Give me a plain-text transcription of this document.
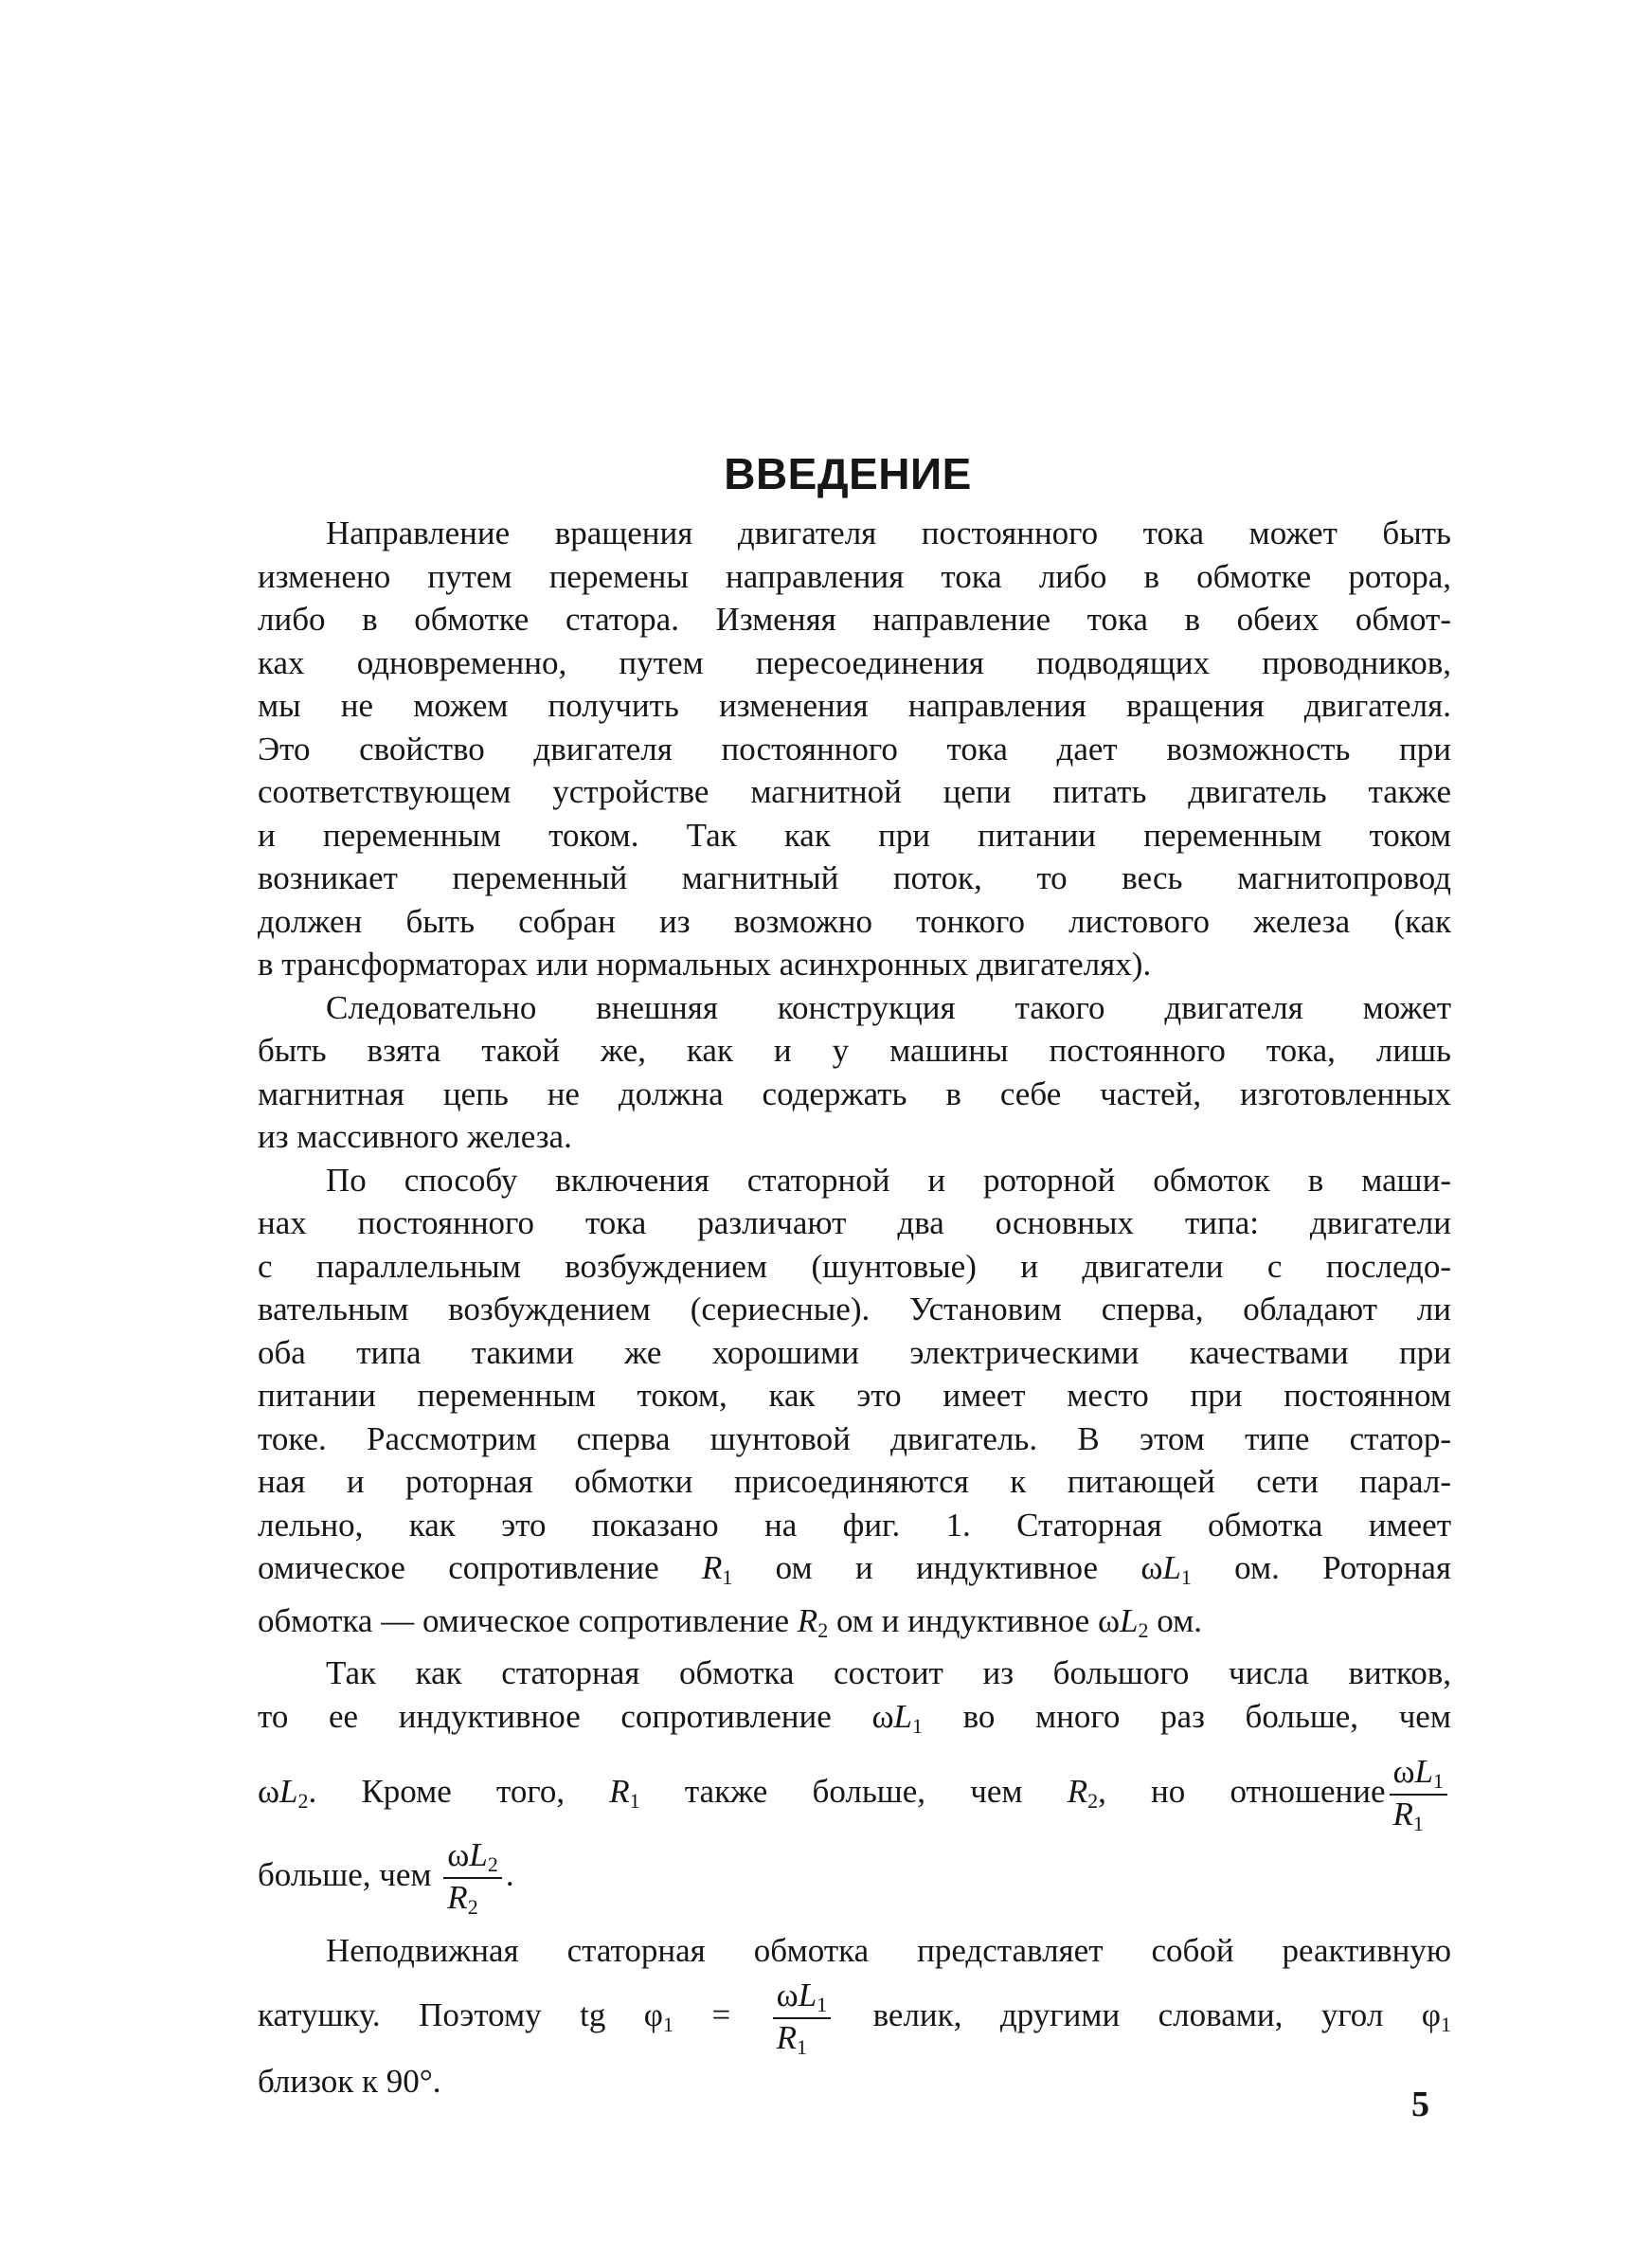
ВВЕДЕНИЕ

Направление вращения двигателя постоянного тока может быть
изменено путем перемены направления тока либо в обмотке ротора,
либо в обмотке статора. Изменяя направление тока в обеих обмот-
ках одновременно, путем пересоединения подводящих проводников,
мы не можем получить изменения направления вращения двигателя.
Это свойство двигателя постоянного тока дает возможность при
соответствующем устройстве магнитной цепи питать двигатель также
и переменным током. Так как при питании переменным током
возникает переменный магнитный поток, то весь магнитопровод
должен быть собран из возможно тонкого листового железа (как
в трансформаторах или нормальных асинхронных двигателях).

Следовательно внешняя конструкция такого двигателя может
быть взята такой же, как и у машины постоянного тока, лишь
магнитная цепь не должна содержать в себе частей, изготовленных
из массивного железа.

По способу включения статорной и роторной обмоток в маши-
нах постоянного тока различают два основных типа: двигатели
с параллельным возбуждением (шунтовые) и двигатели с последо-
вательным возбуждением (сериесные). Установим сперва, обладают ли
оба типа такими же хорошими электрическими качествами при
питании переменным током, как это имеет место при постоянном
токе. Рассмотрим сперва шунтовой двигатель. В этом типе статор-
ная и роторная обмотки присоединяются к питающей сети парал-
лельно, как это показано на фиг. 1. Статорная обмотка имеет
омическое сопротивление $R_1$ ом и индуктивное $\omega L_1$ ом. Роторная
обмотка — омическое сопротивление $R_2$ ом и индуктивное $\omega L_2$ ом.

Так как статорная обмотка состоит из большого числа витков,
то ее индуктивное сопротивление $\omega L_1$ во много раз больше, чем
$\omega L_2$. Кроме того, $R_1$ также больше, чем $R_2$, но отношение $\frac{\omega L_1}{R_1}$
больше, чем $\frac{\omega L_2}{R_2}$ .

Неподвижная статорная обмотка представляет собой реактивную
катушку. Поэтому tg $\varphi_1 = \frac{\omega L_1}{R_1}$ велик, другими словами, угол $\varphi_1$
близок к 90°.

5
